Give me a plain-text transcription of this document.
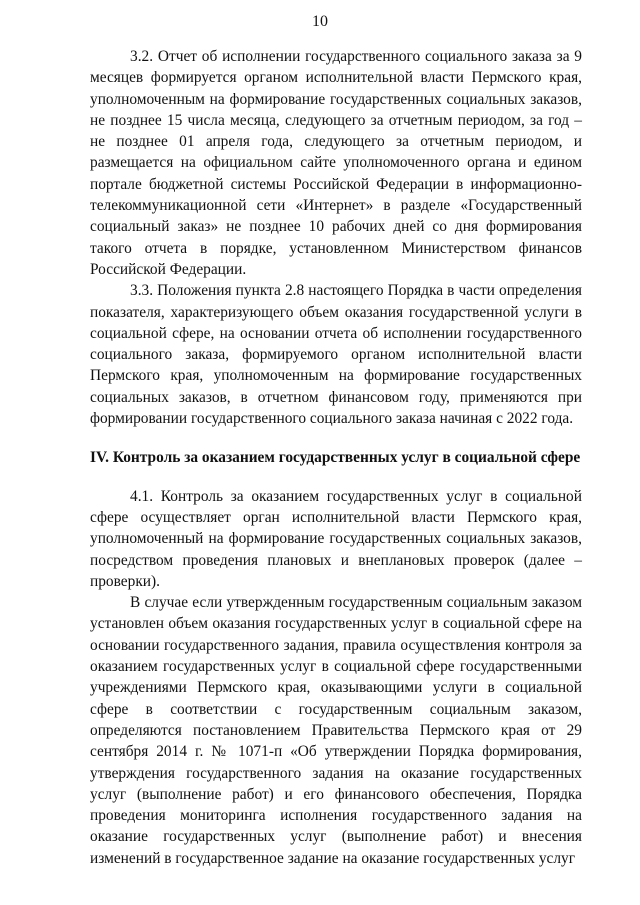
10

3.2. Отчет об исполнении государственного социального заказа за 9 месяцев формируется органом исполнительной власти Пермского края, уполномоченным на формирование государственных социальных заказов, не позднее 15 числа месяца, следующего за отчетным периодом, за год – не позднее 01 апреля года, следующего за отчетным периодом, и размещается на официальном сайте уполномоченного органа и едином портале бюджетной системы Российской Федерации в информационно-телекоммуникационной сети «Интернет» в разделе «Государственный социальный заказ» не позднее 10 рабочих дней со дня формирования такого отчета в порядке, установленном Министерством финансов Российской Федерации.

3.3. Положения пункта 2.8 настоящего Порядка в части определения показателя, характеризующего объем оказания государственной услуги в социальной сфере, на основании отчета об исполнении государственного социального заказа, формируемого органом исполнительной власти Пермского края, уполномоченным на формирование государственных социальных заказов, в отчетном финансовом году, применяются при формировании государственного социального заказа начиная с 2022 года.

IV. Контроль за оказанием государственных услуг в социальной сфере

4.1. Контроль за оказанием государственных услуг в социальной сфере осуществляет орган исполнительной власти Пермского края, уполномоченный на формирование государственных социальных заказов, посредством проведения плановых и внеплановых проверок (далее – проверки).

В случае если утвержденным государственным социальным заказом установлен объем оказания государственных услуг в социальной сфере на основании государственного задания, правила осуществления контроля за оказанием государственных услуг в социальной сфере государственными учреждениями Пермского края, оказывающими услуги в социальной сфере в соответствии с государственным социальным заказом, определяются постановлением Правительства Пермского края от 29 сентября 2014 г. № 1071-п «Об утверждении Порядка формирования, утверждения государственного задания на оказание государственных услуг (выполнение работ) и его финансового обеспечения, Порядка проведения мониторинга исполнения государственного задания на оказание государственных услуг (выполнение работ) и внесения изменений в государственное задание на оказание государственных услуг
